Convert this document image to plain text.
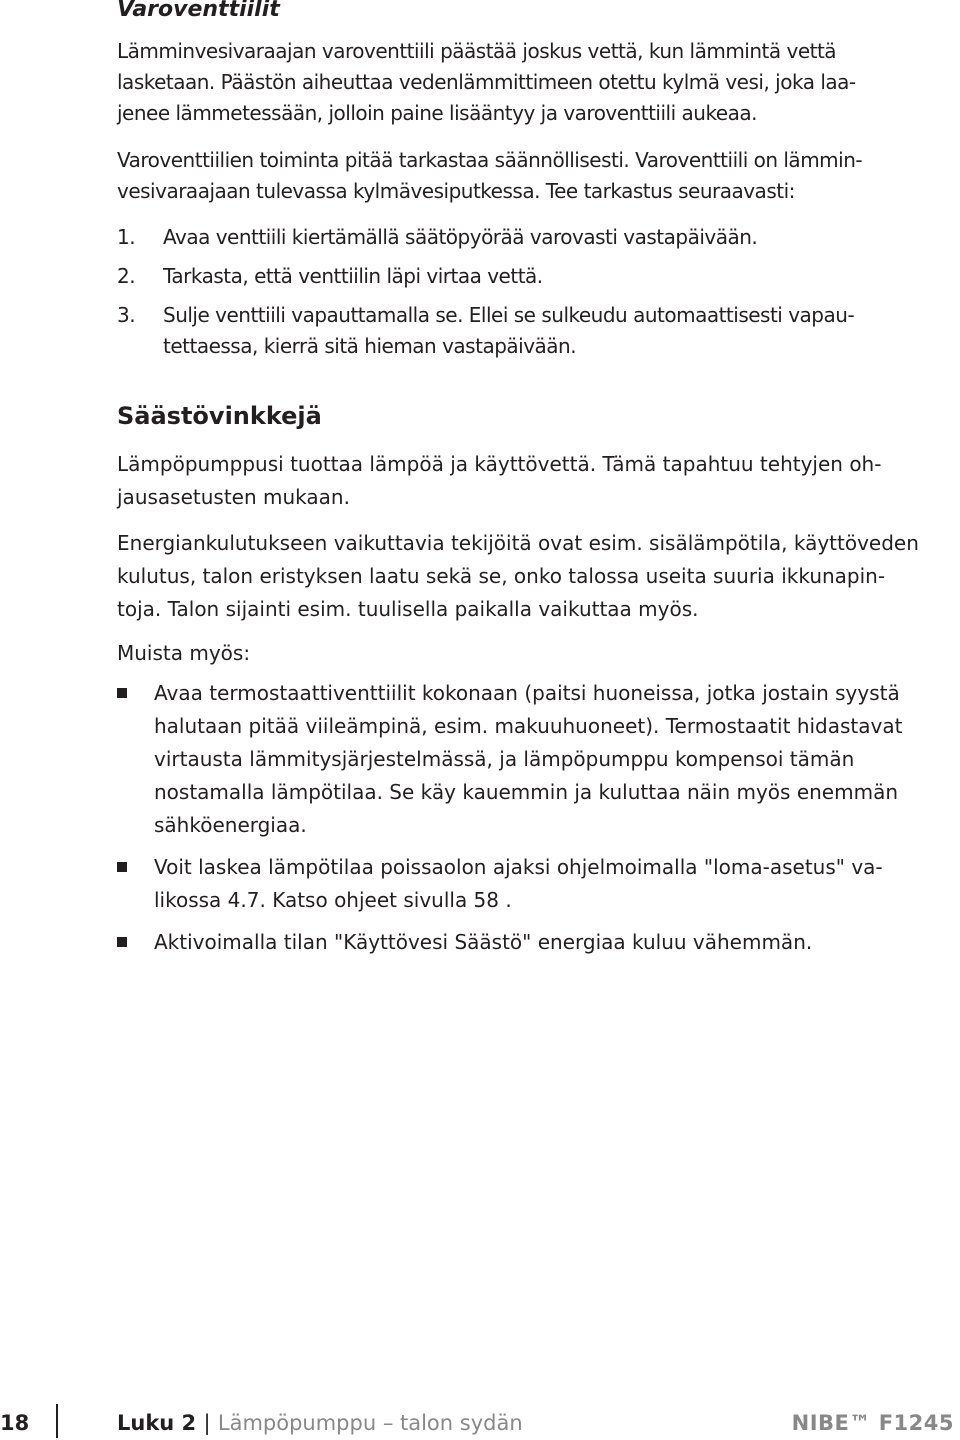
Varoventtiilit
Lämminvesivaraajan varoventtiili päästää joskus vettä, kun lämmintä vettä
lasketaan. Päästön aiheuttaa vedenlämmittimeen otettu kylmä vesi, joka laa-
jenee lämmetessään, jolloin paine lisääntyy ja varoventtiili aukeaa.
Varoventtiilien toiminta pitää tarkastaa säännöllisesti. Varoventtiili on lämmin-
vesivaraajaan tulevassa kylmävesiputkessa. Tee tarkastus seuraavasti:
1. Avaa venttiili kiertämällä säätöpyörää varovasti vastapäivään.
2. Tarkasta, että venttiilin läpi virtaa vettä.
3. Sulje venttiili vapauttamalla se. Ellei se sulkeudu automaattisesti vapau-
tettaessa, kierrä sitä hieman vastapäivään.
Säästövinkkejä
Lämpöpumppusi tuottaa lämpöä ja käyttövettä. Tämä tapahtuu tehtyjen oh-
jausasetusten mukaan.
Energiankulutukseen vaikuttavia tekijöitä ovat esim. sisälämpötila, käyttöveden
kulutus, talon eristyksen laatu sekä se, onko talossa useita suuria ikkunapin-
toja. Talon sijainti esim. tuulisella paikalla vaikuttaa myös.
Muista myös:
Avaa termostaattiventtiilit kokonaan (paitsi huoneissa, jotka jostain syystä
halutaan pitää viileämpinä, esim. makuuhuoneet). Termostaatit hidastavat
virtausta lämmitysjärjestelmässä, ja lämpöpumppu kompensoi tämän
nostamalla lämpötilaa. Se käy kauemmin ja kuluttaa näin myös enemmän
sähköenergiaa.
Voit laskea lämpötilaa poissaolon ajaksi ohjelmoimalla "loma-asetus" va-
likossa 4.7. Katso ohjeet sivulla 58 .
Aktivoimalla tilan "Käyttövesi Säästö" energiaa kuluu vähemmän.
18	Luku 2 | Lämpöpumppu – talon sydän	NIBE™ F1245
